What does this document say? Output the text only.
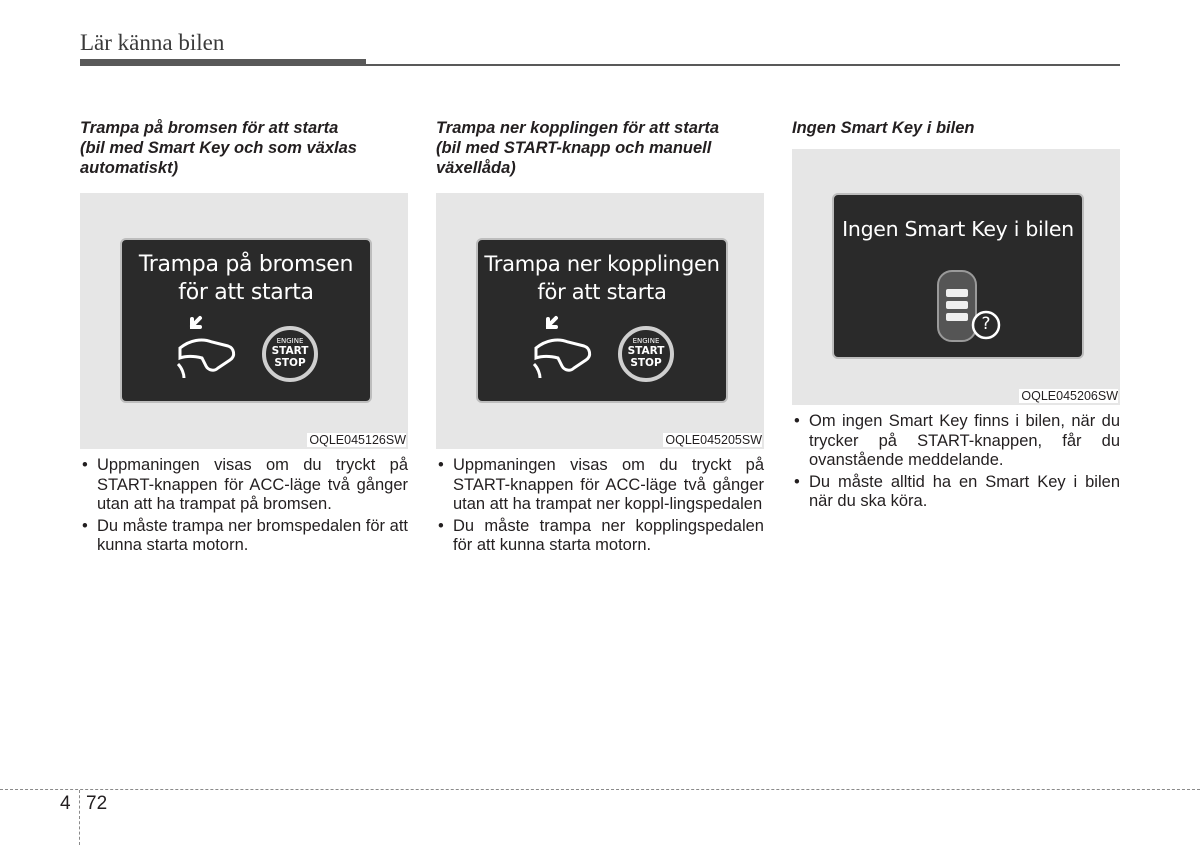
Lär känna bilen

Trampa på bromsen för att starta
(bil med Smart Key och som växlas
automatiskt)

Trampa på bromsen
för att starta
ENGINE
START
STOP
OQLE045126SW
• Uppmaningen visas om du tryckt på START-knappen för ACC-läge två gånger utan att ha trampat på bromsen.
• Du måste trampa ner bromspedalen för att kunna starta motorn.

Trampa ner kopplingen för att starta
(bil med START-knapp och manuell
växellåda)

Trampa ner kopplingen
för att starta
ENGINE
START
STOP
OQLE045205SW
• Uppmaningen visas om du tryckt på START-knappen för ACC-läge två gånger utan att ha trampat ner koppl-lingspedalen
• Du måste trampa ner kopplingspedalen för att kunna starta motorn.

Ingen Smart Key i bilen

Ingen Smart Key i bilen
?
OQLE045206SW
• Om ingen Smart Key finns i bilen, när du trycker på START-knappen, får du ovanstående meddelande.
• Du måste alltid ha en Smart Key i bilen när du ska köra.
4 72
